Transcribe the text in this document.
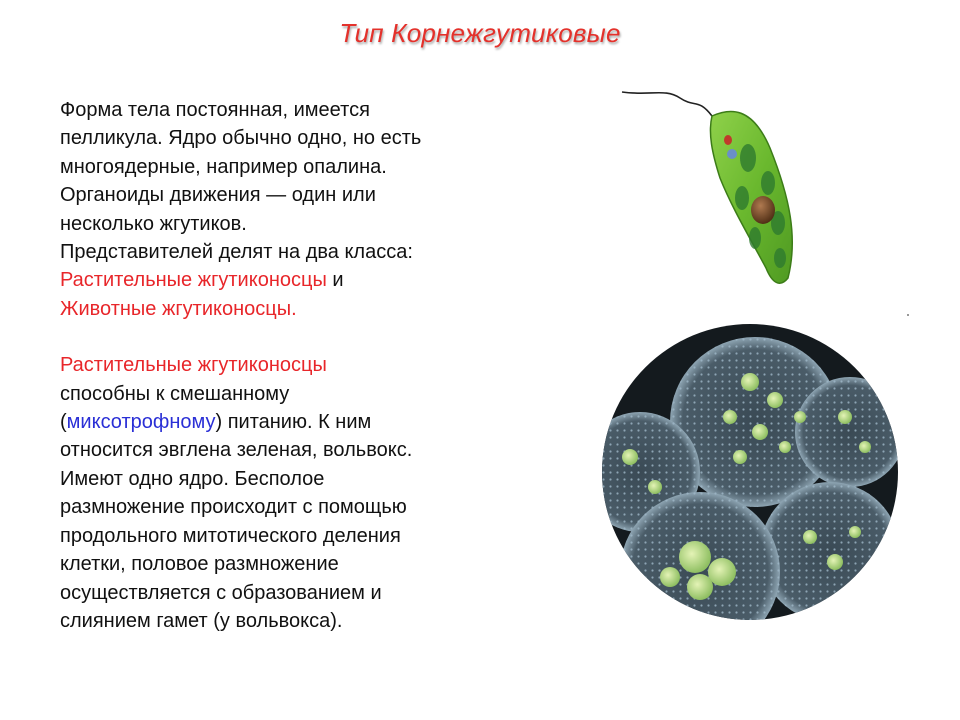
Тип Корнежгутиковые

Форма тела постоянная, имеется

пелликула. Ядро обычно одно, но есть

многоядерные, например опалина.

Органоиды движения — один или

несколько жгутиков.

Представителей делят на два класса:

Растительные жгутиконосцы и

Животные жгутиконосцы.

Растительные жгутиконосцы

способны к смешанному

(миксотрофному) питанию. К ним

относится эвглена зеленая, вольвокс.

Имеют одно ядро. Бесполое

размножение происходит с помощью

продольного митотического деления

клетки, половое размножение

осуществляется с образованием и

слиянием гамет (у вольвокса).
